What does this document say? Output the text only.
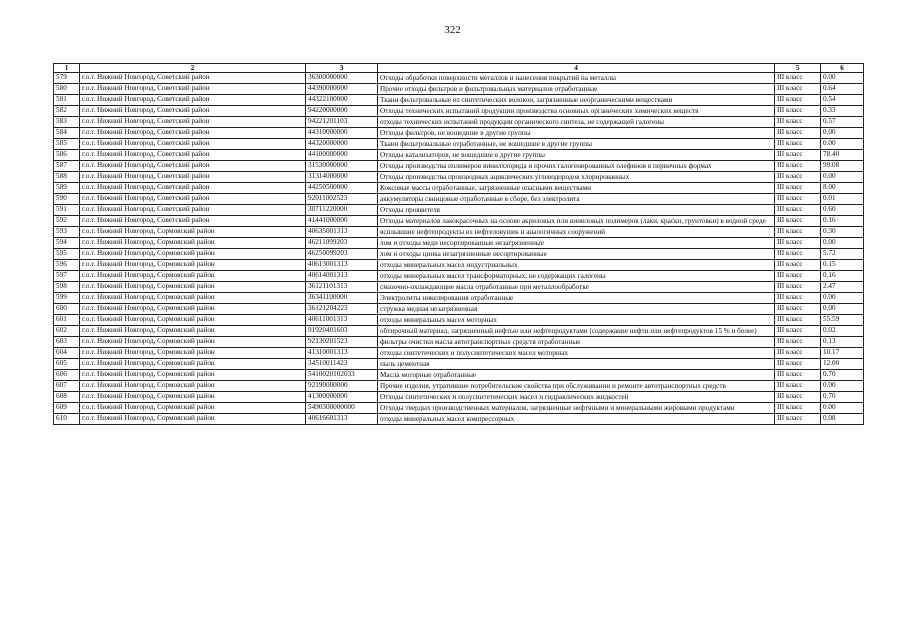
322
1	2	3	4	5	6
579	г.о.г. Нижний Новгород, Советский район	36300000000	Отходы обработки поверхности металлов и нанесения покрытий на металлы	III класс	0.00
580	г.о.г. Нижний Новгород, Советский район	44390000000	Прочие отходы фильтров и фильтровальных материалов отработанные	III класс	0.64
581	г.о.г. Нижний Новгород, Советский район	44322100000	Ткани фильтровальные из синтетических волокон, загрязненные неорганическими веществами	III класс	0.54
582	г.о.г. Нижний Новгород, Советский район	94220000000	Отходы технических испытаний продукции производства основных органических химических веществ	III класс	0.33
583	г.о.г. Нижний Новгород, Советский район	94221201103	отходы технических испытаний продукции органического синтеза, не содержащей галогены	III класс	0.57
584	г.о.г. Нижний Новгород, Советский район	44310000000	Отходы фильтров, не вошедшие в другие группы	III класс	0.00
585	г.о.г. Нижний Новгород, Советский район	44320000000	Ткани фильтровальные отработанные, не вошедшие в другие группы	III класс	0.00
586	г.о.г. Нижний Новгород, Советский район	44100000000	Отходы катализаторов, не вошедшие в другие группы	III класс	78.40
587	г.о.г. Нижний Новгород, Советский район	31530000000	Отходы производства полимеров винилхлорида и прочих галогенированных олефинов в первичных формах	III класс	99.08
588	г.о.г. Нижний Новгород, Советский район	31314000000	Отходы производства производных ациклических углеводородов хлорированных	III класс	0.00
589	г.о.г. Нижний Новгород, Советский район	44250500000	Коксовые массы отработанные, загрязненные опасными веществами	III класс	8.00
590	г.о.г. Нижний Новгород, Советский район	92011002523	аккумуляторы свинцовые отработанные в сборе, без электролита	III класс	0.01
591	г.о.г. Нижний Новгород, Советский район	30711220000	Отходы проявителя	III класс	0.60
592	г.о.г. Нижний Новгород, Советский район	41441000000	Отходы материалов лакокрасочных на основе акриловых или виниловых полимеров (лаки, краски, грунтовки) в водной среде	III класс	0.16
593	г.о.г. Нижний Новгород, Сормовский район	40635001313	всплывшие нефтепродукты из нефтеловушек и аналогичных сооружений	III класс	0.30
594	г.о.г. Нижний Новгород, Сормовский район	46211099203	лом и отходы меди несортированные незагрязненные	III класс	0.00
595	г.о.г. Нижний Новгород, Сормовский район	46250099203	лом и отходы цинка незагрязненные несортированные	III класс	5.72
596	г.о.г. Нижний Новгород, Сормовский район	40613001313	отходы минеральных масел индустриальных	III класс	0.15
597	г.о.г. Нижний Новгород, Сормовский район	40614001313	отходы минеральных масел трансформаторных, не содержащих галогены	III класс	0.16
598	г.о.г. Нижний Новгород, Сормовский район	36121101313	смазочно-охлаждающие масла отработанные при металлообработке	III класс	2.47
599	г.о.г. Нижний Новгород, Сормовский район	36341100000	Электролиты никелирования отработанные	III класс	0.00
600	г.о.г. Нижний Новгород, Сормовский район	36121204223	стружка медная незагрязненная	III класс	0.00
601	г.о.г. Нижний Новгород, Сормовский район	40611001313	отходы минеральных масел моторных	III класс	55.59
602	г.о.г. Нижний Новгород, Сормовский район	91920401603	обтирочный материал, загрязненный нефтью или нефтепродуктами (содержание нефти или нефтепродуктов 15 % и более)	III класс	0.02
603	г.о.г. Нижний Новгород, Сормовский район	92130201523	фильтры очистки масла автотранспортных средств отработанные	III класс	0.13
604	г.о.г. Нижний Новгород, Сормовский район	41310001313	отходы синтетических и полусинтетических масел моторных	III класс	10.17
605	г.о.г. Нижний Новгород, Сормовский район	34510011423	пыль цементная	III класс	12.00
606	г.о.г. Нижний Новгород, Сормовский район	541002010203З	Масла моторные отработанные	III класс	0.70
607	г.о.г. Нижний Новгород, Сормовский район	92190000000	Прочие изделия, утратившие потребительские свойства при обслуживании и ремонте автотранспортных средств	III класс	0.00
608	г.о.г. Нижний Новгород, Сормовский район	41300000000	Отходы синтетических и полусинтетических масел и гидравлических жидкостей	III класс	0.70
609	г.о.г. Нижний Новгород, Сормовский район	5490300000000	Отходы твердых производственных материалов, загрязненные нефтяными и минеральными жировыми продуктами	III класс	0.00
610	г.о.г. Нижний Новгород, Сормовский район	40616601313	отходы минеральных масел компрессорных	III класс	0.08
